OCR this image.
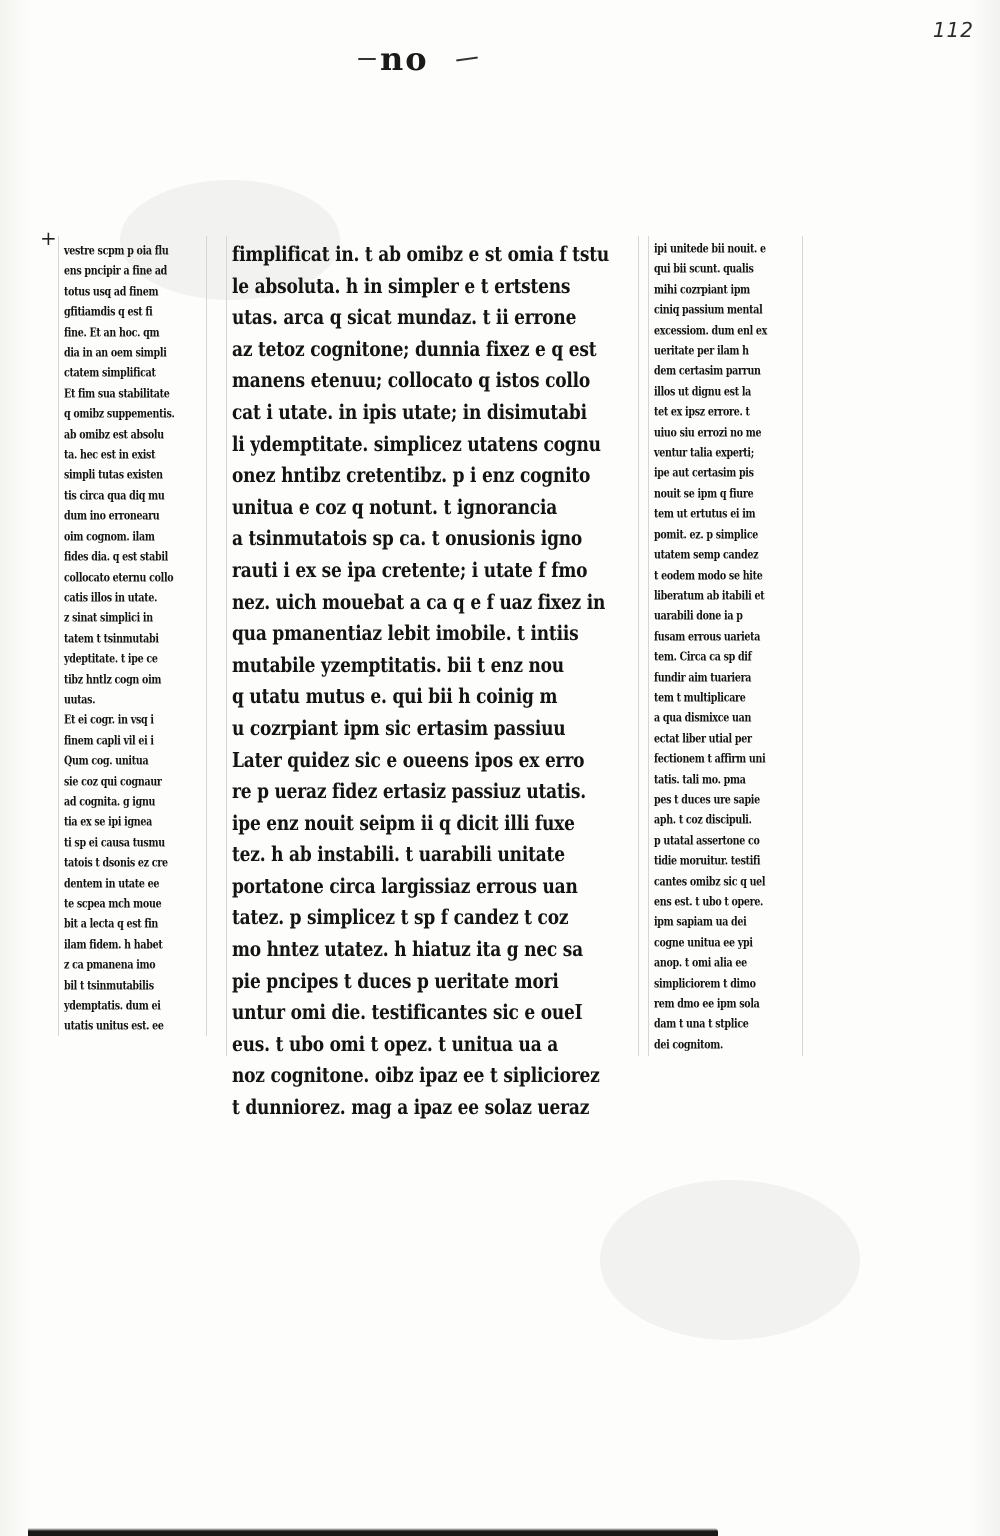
112
no
+
vestre scpm p oia flu
ens pncipir a fine ad
totus usq ad finem
gfitiamdis q est fi
fine. Et an hoc. qm
dia in an oem simpli
ctatem simplificat
Et fim sua stabilitate
q omibz suppementis.
ab omibz est absolu
ta. hec est in exist
simpli tutas existen
tis circa qua diq mu
dum ino erronearu
oim cognom. ilam
fides dia. q est stabil
collocato eternu collo
catis illos in utate.
z sinat simplici in
tatem t tsinmutabi
ydeptitate. t ipe ce
tibz hntlz cogn oim
uutas.
Et ei cogr. in vsq i
finem capli vil ei i
Qum cog. unitua
sie coz qui cognaur
ad cognita. g ignu
tia ex se ipi ignea
ti sp ei causa tusmu
tatois t dsonis ez cre
dentem in utate ee
te scpea mch moue
bit a lecta q est fin
ilam fidem. h habet
z ca pmanena imo
bil t tsinmutabilis
ydemptatis. dum ei
utatis unitus est. ee
fimplificat in. t ab omibz e st omia f tstu
le absoluta. h in simpler e t ertstens
utas. arca q sicat mundaz. t ii errone
az tetoz cognitone; dunnia fixez e q est
manens etenuu; collocato q istos collo
cat i utate. in ipis utate; in disimutabi
li ydemptitate. simplicez utatens cognu
onez hntibz cretentibz. p i enz cognito
unitua e coz q notunt. t ignorancia
a tsinmutatois sp ca. t onusionis igno
rauti i ex se ipa cretente; i utate f fmo
nez. uich mouebat a ca q e f uaz fixez in
qua pmanentiaz lebit imobile. t intiis
mutabile yzemptitatis. bii t enz nou
q utatu mutus e. qui bii h coinig m
u cozrpiant ipm sic ertasim passiuu
Later quidez sic e oueens ipos ex erro
re p ueraz fidez ertasiz passiuz utatis.
ipe enz nouit seipm ii q dicit illi fuxe
tez. h ab instabili. t uarabili unitate
portatone circa largissiaz errous uan
tatez. p simplicez t sp f candez t coz
mo hntez utatez. h hiatuz ita g nec sa
pie pncipes t duces p ueritate mori
untur omi die. testificantes sic e oueI
eus. t ubo omi t opez. t unitua ua a
noz cognitone. oibz ipaz ee t sipliciorez
t dunniorez. mag a ipaz ee solaz ueraz
ipi unitede bii nouit. e
qui bii scunt. qualis
mihi cozrpiant ipm
ciniq passium mental
excessiom. dum enl ex
ueritate per ilam h
dem certasim parrun
illos ut dignu est la
tet ex ipsz errore. t
uiuo siu errozi no me
ventur talia experti;
ipe aut certasim pis
nouit se ipm q fiure
tem ut ertutus ei im
pomit. ez. p simplice
utatem semp candez
t eodem modo se hite
liberatum ab itabili et
uarabili done ia p
fusam errous uarieta
tem. Circa ca sp dif
fundir aim tuariera
tem t multiplicare
a qua dismixce uan
ectat liber utial per
fectionem t affirm uni
tatis. tali mo. pma
pes t duces ure sapie
aph. t coz discipuli.
p utatal assertone co
tidie moruitur. testifi
cantes omibz sic q uel
ens est. t ubo t opere.
ipm sapiam ua dei
cogne unitua ee ypi
anop. t omi alia ee
simpliciorem t dimo
rem dmo ee ipm sola
dam t una t stplice
dei cognitom.
